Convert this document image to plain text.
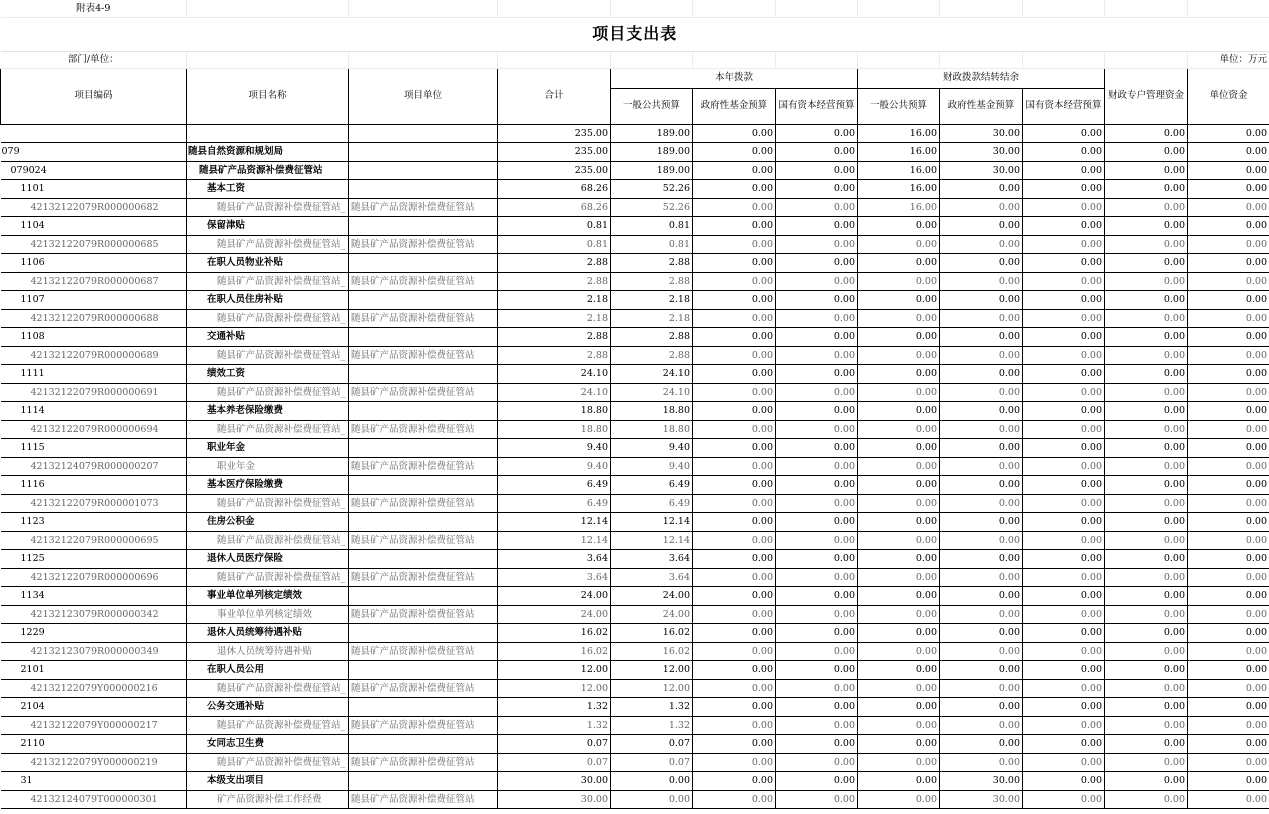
附表4-9											
项目支出表											
部门/单位：											单位：万元
项目编码	项目名称	项目单位	合计	本年拨款			财政拨款结转结余			财政专户管理资金	单位资金
				一般公共预算	政府性基金预算	国有资本经营预算	一般公共预算	政府性基金预算	国有资本经营预算		
			235.00	189.00	0.00	0.00	16.00	30.00	0.00	0.00	0.00
079	随县自然资源和规划局		235.00	189.00	0.00	0.00	16.00	30.00	0.00	0.00	0.00
079024	随县矿产品资源补偿费征管站		235.00	189.00	0.00	0.00	16.00	30.00	0.00	0.00	0.00
1101	基本工资		68.26	52.26	0.00	0.00	16.00	0.00	0.00	0.00	0.00
42132122079R000000682	随县矿产品资源补偿费征管站_	随县矿产品资源补偿费征管站	68.26	52.26	0.00	0.00	16.00	0.00	0.00	0.00	0.00
1104	保留津贴		0.81	0.81	0.00	0.00	0.00	0.00	0.00	0.00	0.00
42132122079R000000685	随县矿产品资源补偿费征管站_	随县矿产品资源补偿费征管站	0.81	0.81	0.00	0.00	0.00	0.00	0.00	0.00	0.00
1106	在职人员物业补贴		2.88	2.88	0.00	0.00	0.00	0.00	0.00	0.00	0.00
42132122079R000000687	随县矿产品资源补偿费征管站_	随县矿产品资源补偿费征管站	2.88	2.88	0.00	0.00	0.00	0.00	0.00	0.00	0.00
1107	在职人员住房补贴		2.18	2.18	0.00	0.00	0.00	0.00	0.00	0.00	0.00
42132122079R000000688	随县矿产品资源补偿费征管站_	随县矿产品资源补偿费征管站	2.18	2.18	0.00	0.00	0.00	0.00	0.00	0.00	0.00
1108	交通补贴		2.88	2.88	0.00	0.00	0.00	0.00	0.00	0.00	0.00
42132122079R000000689	随县矿产品资源补偿费征管站_	随县矿产品资源补偿费征管站	2.88	2.88	0.00	0.00	0.00	0.00	0.00	0.00	0.00
1111	绩效工资		24.10	24.10	0.00	0.00	0.00	0.00	0.00	0.00	0.00
42132122079R000000691	随县矿产品资源补偿费征管站_	随县矿产品资源补偿费征管站	24.10	24.10	0.00	0.00	0.00	0.00	0.00	0.00	0.00
1114	基本养老保险缴费		18.80	18.80	0.00	0.00	0.00	0.00	0.00	0.00	0.00
42132122079R000000694	随县矿产品资源补偿费征管站_	随县矿产品资源补偿费征管站	18.80	18.80	0.00	0.00	0.00	0.00	0.00	0.00	0.00
1115	职业年金		9.40	9.40	0.00	0.00	0.00	0.00	0.00	0.00	0.00
42132124079R000000207	职业年金	随县矿产品资源补偿费征管站	9.40	9.40	0.00	0.00	0.00	0.00	0.00	0.00	0.00
1116	基本医疗保险缴费		6.49	6.49	0.00	0.00	0.00	0.00	0.00	0.00	0.00
42132122079R000001073	随县矿产品资源补偿费征管站_	随县矿产品资源补偿费征管站	6.49	6.49	0.00	0.00	0.00	0.00	0.00	0.00	0.00
1123	住房公积金		12.14	12.14	0.00	0.00	0.00	0.00	0.00	0.00	0.00
42132122079R000000695	随县矿产品资源补偿费征管站_	随县矿产品资源补偿费征管站	12.14	12.14	0.00	0.00	0.00	0.00	0.00	0.00	0.00
1125	退休人员医疗保险		3.64	3.64	0.00	0.00	0.00	0.00	0.00	0.00	0.00
42132122079R000000696	随县矿产品资源补偿费征管站_	随县矿产品资源补偿费征管站	3.64	3.64	0.00	0.00	0.00	0.00	0.00	0.00	0.00
1134	事业单位单列核定绩效		24.00	24.00	0.00	0.00	0.00	0.00	0.00	0.00	0.00
42132123079R000000342	事业单位单列核定绩效	随县矿产品资源补偿费征管站	24.00	24.00	0.00	0.00	0.00	0.00	0.00	0.00	0.00
1229	退休人员统筹待遇补贴		16.02	16.02	0.00	0.00	0.00	0.00	0.00	0.00	0.00
42132123079R000000349	退休人员统筹待遇补贴	随县矿产品资源补偿费征管站	16.02	16.02	0.00	0.00	0.00	0.00	0.00	0.00	0.00
2101	在职人员公用		12.00	12.00	0.00	0.00	0.00	0.00	0.00	0.00	0.00
42132122079Y000000216	随县矿产品资源补偿费征管站_	随县矿产品资源补偿费征管站	12.00	12.00	0.00	0.00	0.00	0.00	0.00	0.00	0.00
2104	公务交通补贴		1.32	1.32	0.00	0.00	0.00	0.00	0.00	0.00	0.00
42132122079Y000000217	随县矿产品资源补偿费征管站_	随县矿产品资源补偿费征管站	1.32	1.32	0.00	0.00	0.00	0.00	0.00	0.00	0.00
2110	女同志卫生费		0.07	0.07	0.00	0.00	0.00	0.00	0.00	0.00	0.00
42132122079Y000000219	随县矿产品资源补偿费征管站_	随县矿产品资源补偿费征管站	0.07	0.07	0.00	0.00	0.00	0.00	0.00	0.00	0.00
31	本级支出项目		30.00	0.00	0.00	0.00	0.00	30.00	0.00	0.00	0.00
42132124079T000000301	矿产品资源补偿工作经费	随县矿产品资源补偿费征管站	30.00	0.00	0.00	0.00	0.00	30.00	0.00	0.00	0.00
